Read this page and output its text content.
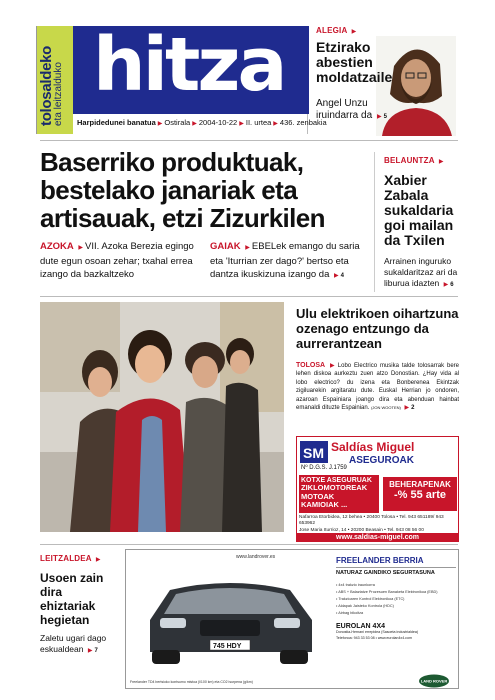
tolosaldeko
eta leitzalduko hitza
Harpidedunei banatua ▶ Ostirala ▶ 2004-10-22 ▶ II. urtea ▶ 436. zenbakia
ALEGIA ▶
Etzirako abestien moldatzaile
Angel Unzu iruindarra da ▶ 5
Baserriko produktuak, bestelako janariak eta artisauak, etzi Zizurkilen
AZOKA ▶ VII. Azoka Berezia egingo dute egun osoan zehar; txahal errea izango da bazkaltzeko
GAIAK ▶ EBELek emango du saria eta 'Iturrian zer dago?' bertso eta dantza ikuskizuna izango da ▶ 4
BELAUNTZA ▶
Xabier Zabala sukaldaria goi mailan da Txilen
Arrainen inguruko sukaldaritzaz ari da liburua idazten ▶ 6
Ulu elektrikoen oihartzuna ozenago entzungo da aurrerantzean
TOLOSA ▶ Lobo Electrico musika talde tolosarrak bere lehen diskoa aurkeztu zuen atzo Donostian. ¿Hay vida al lobo electrico? du izena eta Bonberenea Ekintzak zigiluarekin argitaratu dute. Euskal Herrian jo ondoren, azaroan Espainiara joango dira eta abenduan hainbat emanaldi dituzte Espainian. (JON WOOTEN) ▶ 2
SM Saldías Miguel
ASEGUROAK
Nº D.G.S. J.1759
KOTXE ASEGURUAK
ZIKLOMOTOREAK
MOTOAK
KAMIOIAK ...
BEHERAPENAK
-% 55 arte
Nafarroa Etorbidea, 12 behea • 20400 Tolosa • Tel. 943 651189/ 943 653962
Jose Maria Iturrioz, 14 • 20200 Beasain • Tel. 943 08 56 00
www.saldias-miguel.com
LEITZALDEA ▶
Usoen zain dira ehiztariak hegietan
Zaletu ugari dago eskualdean ▶ 7
www.landrover.es
745 HDY
Freelander TD4 bertsioko kontsumo mistoa (l/100 km) eta CO2 isurpena (g/km)
FREELANDER BERRIA
NATURAZ GAINDIKO SEGURTASUNA
• 4x4 trakzio iraunkorra
• ABS + Balaztatze Prozesuen Banaketa Elektronikoa (EBD)
• Trakzioaren Kontrol Elektronikoa (ETC)
• Aldapak Jaisteko Kontrola (HDC)
• Airbag bikoitza
EUROLAN 4X4
Donostia-Hernani errepidea (Sasoeta industrialdea)
Telefonoa: 943 33 53 08 • www.eurolan4x4.com
LAND ROVER
